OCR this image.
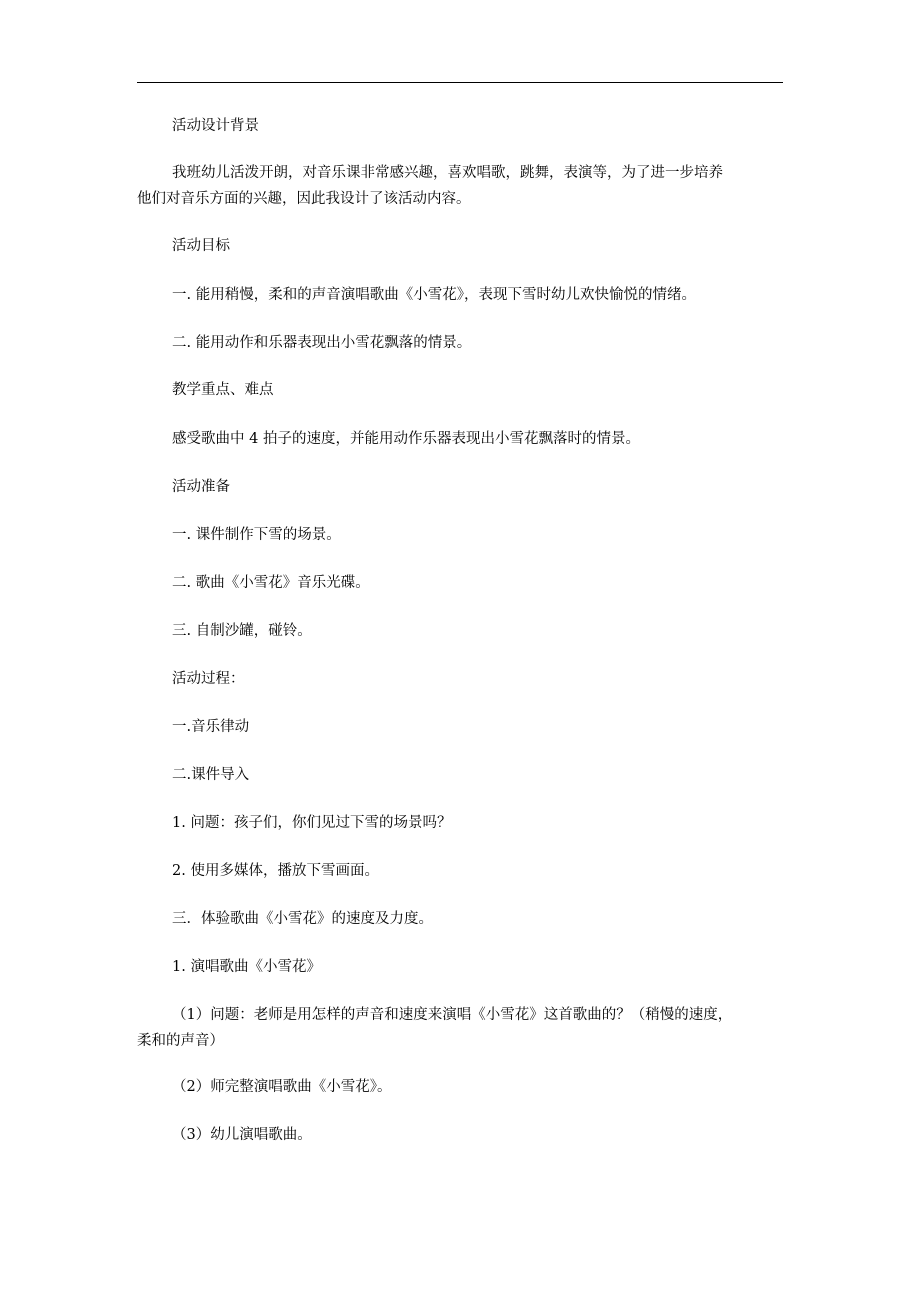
活动设计背景
我班幼儿活泼开朗，对音乐课非常感兴趣，喜欢唱歌，跳舞，表演等，为了进一步培养
他们对音乐方面的兴趣，因此我设计了该活动内容。
活动目标
一. 能用稍慢，柔和的声音演唱歌曲《小雪花》，表现下雪时幼儿欢快愉悦的情绪。
二. 能用动作和乐器表现出小雪花飘落的情景。
教学重点、难点
感受歌曲中 4 拍子的速度，并能用动作乐器表现出小雪花飘落时的情景。
活动准备
一. 课件制作下雪的场景。
二. 歌曲《小雪花》音乐光碟。
三. 自制沙罐，碰铃。
活动过程：
一.音乐律动
二.课件导入
1. 问题：孩子们，你们见过下雪的场景吗？
2. 使用多媒体，播放下雪画面。
三．体验歌曲《小雪花》的速度及力度。
1. 演唱歌曲《小雪花》
（1）问题：老师是用怎样的声音和速度来演唱《小雪花》这首歌曲的？（稍慢的速度，
柔和的声音）
（2）师完整演唱歌曲《小雪花》。
（3）幼儿演唱歌曲。
